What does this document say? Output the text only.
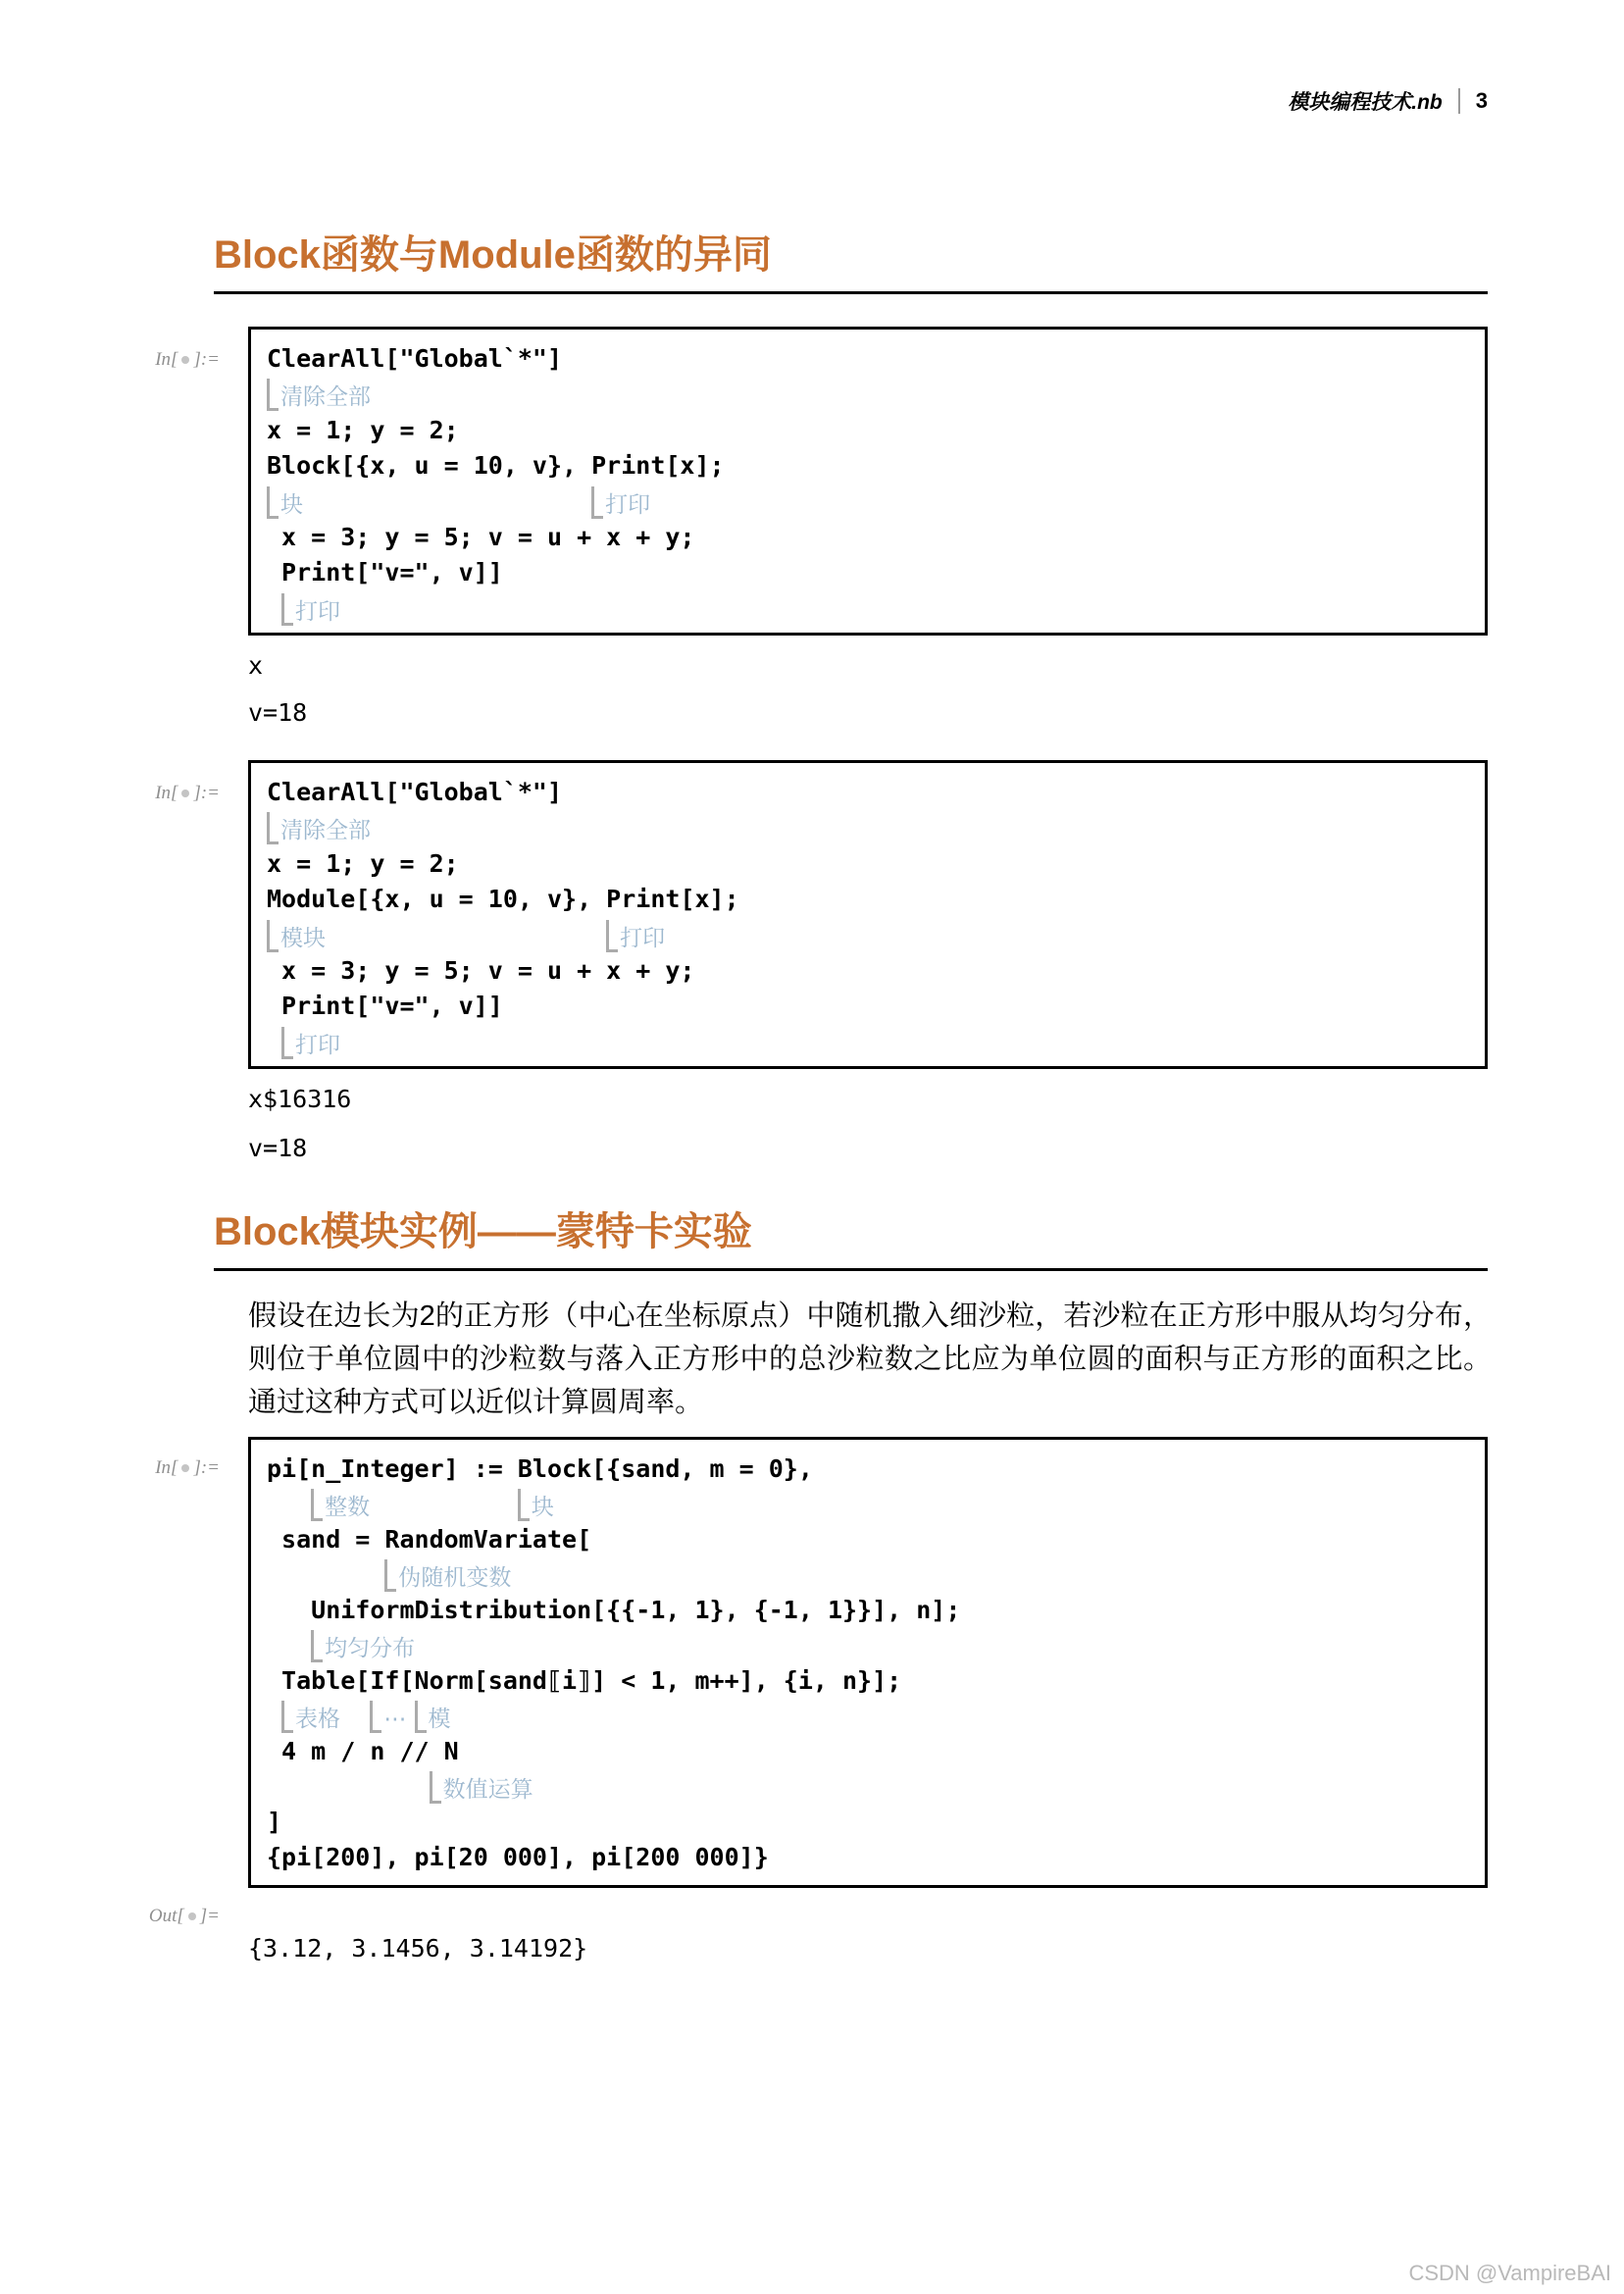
模块编程技术.nb 3
Block函数与Module函数的异同
In[ ]:= ClearAll["Global`*"]
清除全部
x = 1; y = 2;
Block[{x, u = 10, v}, Print[x];
块	打印
x = 3; y = 5; v = u + x + y;
Print["v=", v]]
打印
x
v=18
In[ ]:= ClearAll["Global`*"]
清除全部
x = 1; y = 2;
Module[{x, u = 10, v}, Print[x];
模块	打印
x = 3; y = 5; v = u + x + y;
Print["v=", v]]
打印
x$16316
v=18
Block模块实例——蒙特卡实验

假设在边长为2的正方形（中心在坐标原点）中随机撒入细沙粒，若沙粒在正方形中服从均匀分布，则位于单位圆中的沙粒数与落入正方形中的总沙粒数之比应为单位圆的面积与正方形的面积之比。通过这种方式可以近似计算圆周率。

In[ ]:= pi[n_Integer] := Block[{sand, m = 0},
整数	块
sand = RandomVariate[
伪随机变数
UniformDistribution[{{-1, 1}, {-1, 1}}], n];
均匀分布
Table[If[Norm[sand⟦i⟧] < 1, m++], {i, n}];
表格 ⋯ 模
4 m / n // N
数值运算
]
{pi[200], pi[20 000], pi[200 000]}
Out[ ]=
{3.12, 3.1456, 3.14192}
CSDN @VampireBAI
